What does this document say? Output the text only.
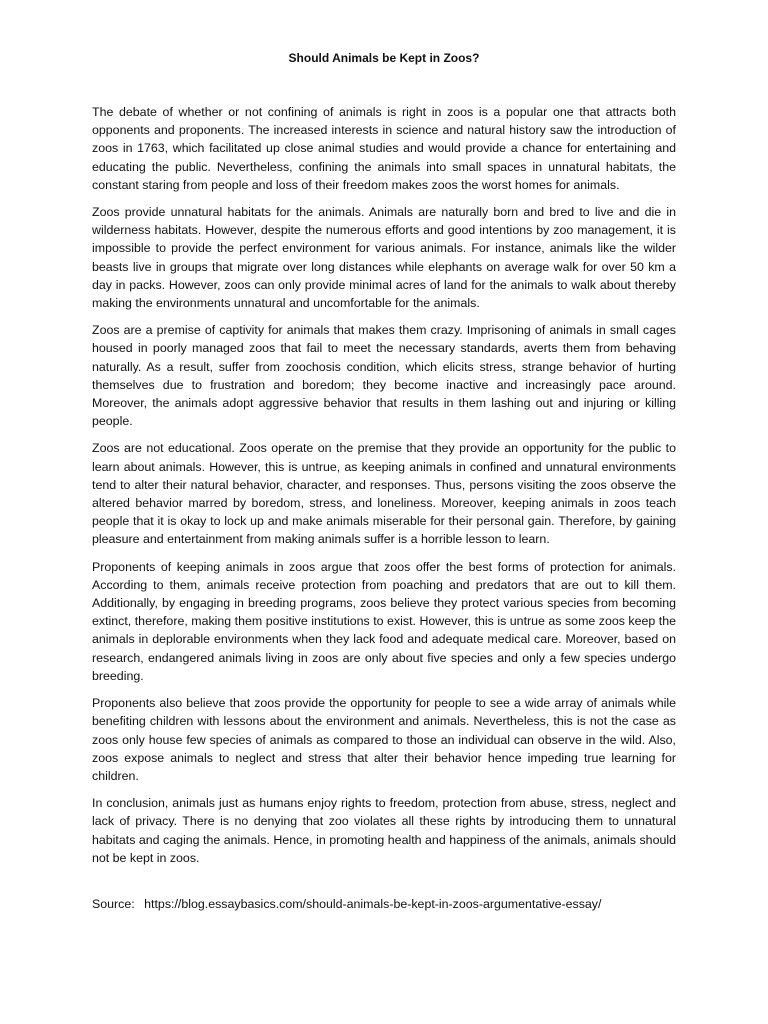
Should Animals be Kept in Zoos?

The debate of whether or not confining of animals is right in zoos is a popular one that attracts both opponents and proponents. The increased interests in science and natural history saw the introduction of zoos in 1763, which facilitated up close animal studies and would provide a chance for entertaining and educating the public. Nevertheless, confining the animals into small spaces in unnatural habitats, the constant staring from people and loss of their freedom makes zoos the worst homes for animals.

Zoos provide unnatural habitats for the animals. Animals are naturally born and bred to live and die in wilderness habitats. However, despite the numerous efforts and good intentions by zoo management, it is impossible to provide the perfect environment for various animals. For instance, animals like the wilder beasts live in groups that migrate over long distances while elephants on average walk for over 50 km a day in packs. However, zoos can only provide minimal acres of land for the animals to walk about thereby making the environments unnatural and uncomfortable for the animals.

Zoos are a premise of captivity for animals that makes them crazy. Imprisoning of animals in small cages housed in poorly managed zoos that fail to meet the necessary standards, averts them from behaving naturally. As a result, suffer from zoochosis condition, which elicits stress, strange behavior of hurting themselves due to frustration and boredom; they become inactive and increasingly pace around. Moreover, the animals adopt aggressive behavior that results in them lashing out and injuring or killing people.

Zoos are not educational. Zoos operate on the premise that they provide an opportunity for the public to learn about animals. However, this is untrue, as keeping animals in confined and unnatural environments tend to alter their natural behavior, character, and responses. Thus, persons visiting the zoos observe the altered behavior marred by boredom, stress, and loneliness. Moreover, keeping animals in zoos teach people that it is okay to lock up and make animals miserable for their personal gain. Therefore, by gaining pleasure and entertainment from making animals suffer is a horrible lesson to learn.

Proponents of keeping animals in zoos argue that zoos offer the best forms of protection for animals. According to them, animals receive protection from poaching and predators that are out to kill them. Additionally, by engaging in breeding programs, zoos believe they protect various species from becoming extinct, therefore, making them positive institutions to exist. However, this is untrue as some zoos keep the animals in deplorable environments when they lack food and adequate medical care. Moreover, based on research, endangered animals living in zoos are only about five species and only a few species undergo breeding.

Proponents also believe that zoos provide the opportunity for people to see a wide array of animals while benefiting children with lessons about the environment and animals. Nevertheless, this is not the case as zoos only house few species of animals as compared to those an individual can observe in the wild. Also, zoos expose animals to neglect and stress that alter their behavior hence impeding true learning for children.

In conclusion, animals just as humans enjoy rights to freedom, protection from abuse, stress, neglect and lack of privacy. There is no denying that zoo violates all these rights by introducing them to unnatural habitats and caging the animals. Hence, in promoting health and happiness of the animals, animals should not be kept in zoos.

Source: https://blog.essaybasics.com/should-animals-be-kept-in-zoos-argumentative-essay/
